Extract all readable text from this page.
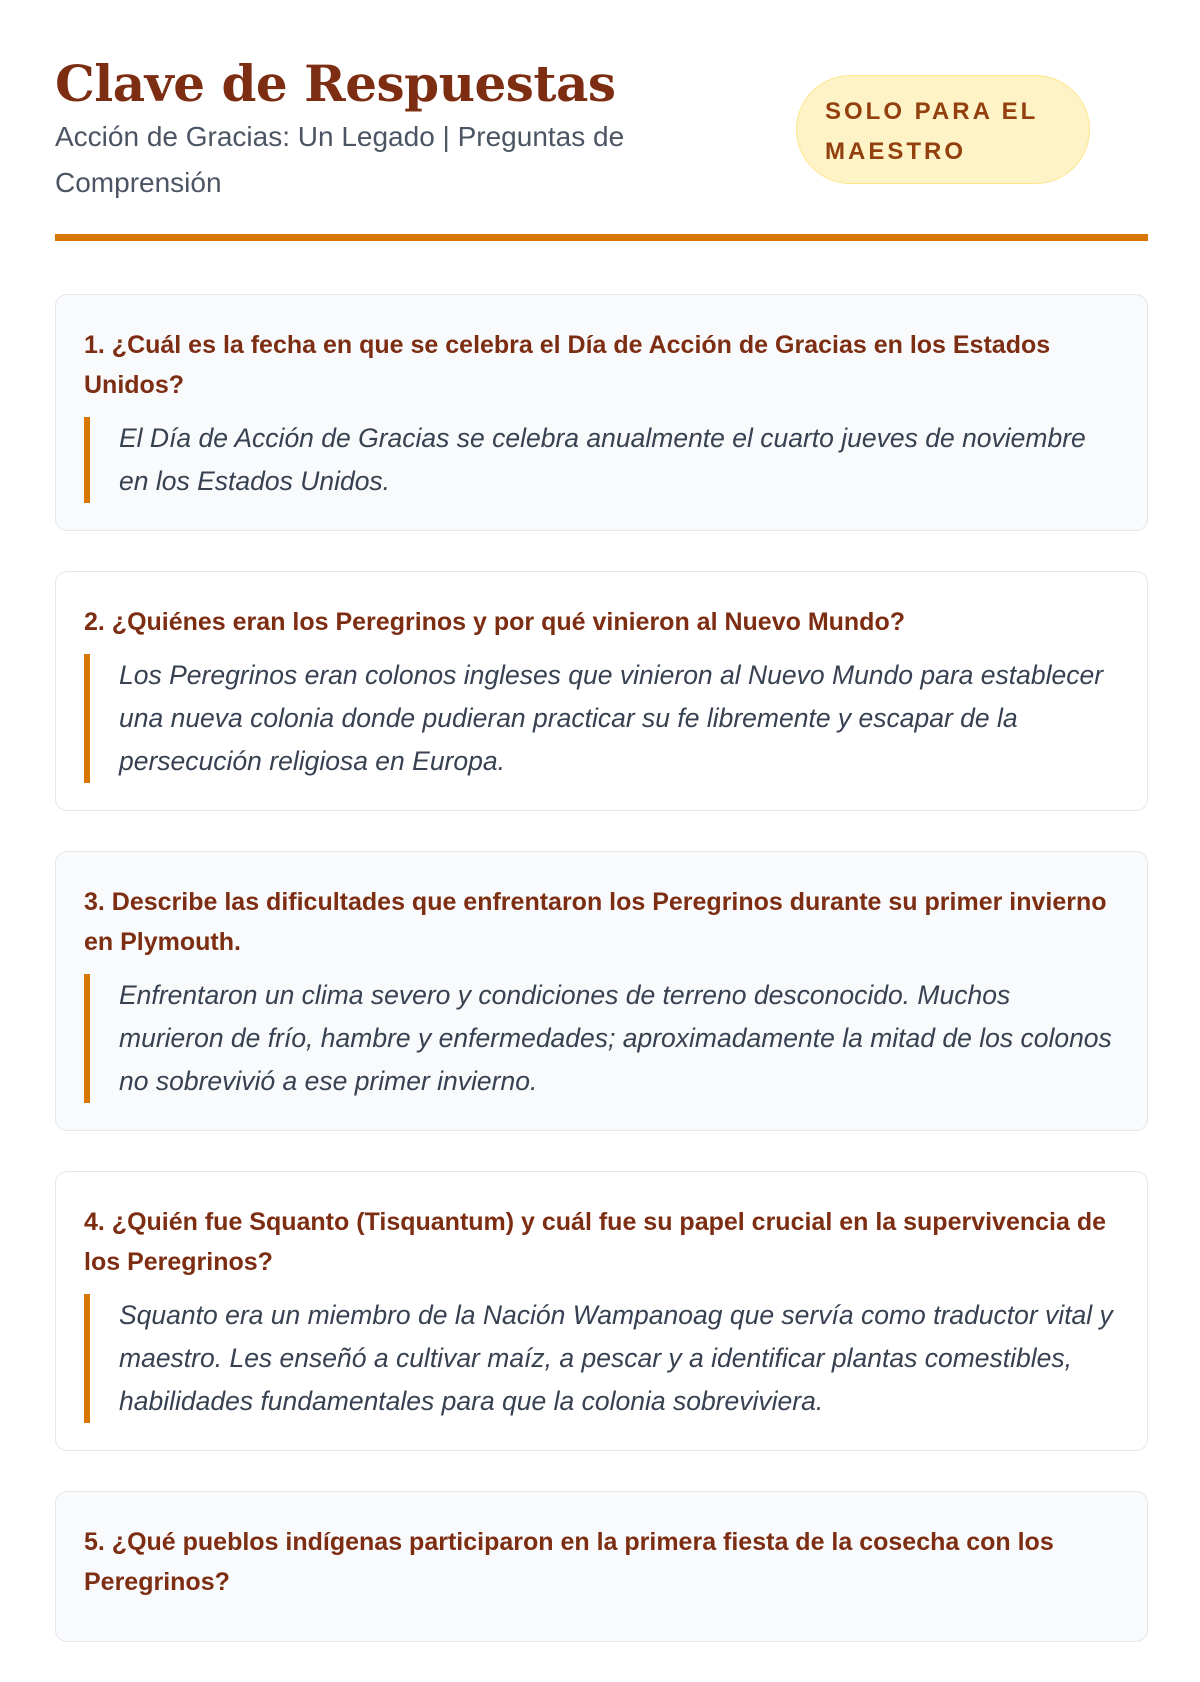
Clave de Respuestas

Acción de Gracias: Un Legado | Preguntas de Comprensión

SOLO PARA EL MAESTRO

1. ¿Cuál es la fecha en que se celebra el Día de Acción de Gracias en los Estados Unidos?

El Día de Acción de Gracias se celebra anualmente el cuarto jueves de noviembre en los Estados Unidos.

2. ¿Quiénes eran los Peregrinos y por qué vinieron al Nuevo Mundo?

Los Peregrinos eran colonos ingleses que vinieron al Nuevo Mundo para establecer una nueva colonia donde pudieran practicar su fe libremente y escapar de la persecución religiosa en Europa.

3. Describe las dificultades que enfrentaron los Peregrinos durante su primer invierno en Plymouth.

Enfrentaron un clima severo y condiciones de terreno desconocido. Muchos murieron de frío, hambre y enfermedades; aproximadamente la mitad de los colonos no sobrevivió a ese primer invierno.

4. ¿Quién fue Squanto (Tisquantum) y cuál fue su papel crucial en la supervivencia de los Peregrinos?

Squanto era un miembro de la Nación Wampanoag que servía como traductor vital y maestro. Les enseñó a cultivar maíz, a pescar y a identificar plantas comestibles, habilidades fundamentales para que la colonia sobreviviera.

5. ¿Qué pueblos indígenas participaron en la primera fiesta de la cosecha con los Peregrinos?
